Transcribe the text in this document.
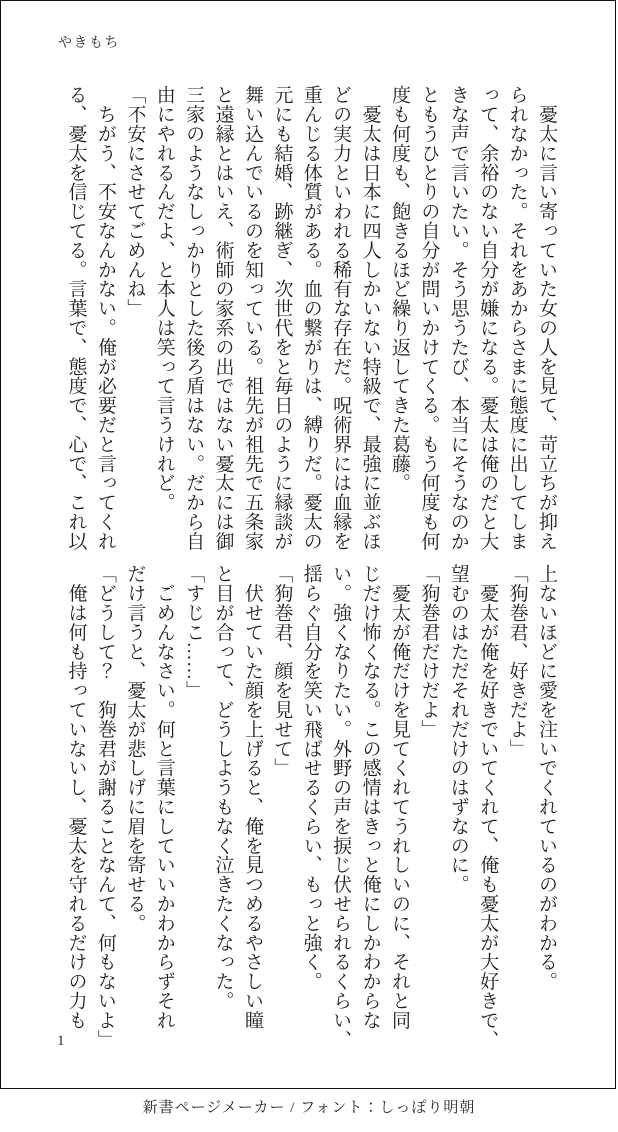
やきもち

　憂太に言い寄っていた女の人を見て、苛立ちが抑え

られなかった。それをあからさまに態度に出してしま

って、余裕のない自分が嫌になる。憂太は俺のだと大

きな声で言いたい。そう思うたび、本当にそうなのか

ともうひとりの自分が問いかけてくる。もう何度も何

度も何度も、飽きるほど繰り返してきた葛藤。

　憂太は日本に四人しかいない特級で、最強に並ぶほ

どの実力といわれる稀有な存在だ。呪術界には血縁を

重んじる体質がある。血の繋がりは、縛りだ。憂太の

元にも結婚、跡継ぎ、次世代をと毎日のように縁談が

舞い込んでいるのを知っている。祖先が祖先で五条家

と遠縁とはいえ、術師の家系の出ではない憂太には御

三家のようなしっかりとした後ろ盾はない。だから自

由にやれるんだよ、と本人は笑って言うけれど。

「不安にさせてごめんね」

　ちがう、不安なんかない。俺が必要だと言ってくれ

る、憂太を信じてる。言葉で、態度で、心で、これ以

上ないほどに愛を注いでくれているのがわかる。

「狗巻君、好きだよ」

　憂太が俺を好きでいてくれて、俺も憂太が大好きで、

望むのはただそれだけのはずなのに。

「狗巻君だけだよ」

　憂太が俺だけを見てくれてうれしいのに、それと同

じだけ怖くなる。この感情はきっと俺にしかわからな

い。強くなりたい。外野の声を捩じ伏せられるくらい、

揺らぐ自分を笑い飛ばせるくらい、もっと強く。

「狗巻君、顔を見せて」

　伏せていた顔を上げると、俺を見つめるやさしい瞳

と目が合って、どうしようもなく泣きたくなった。

「すじこ……」

　ごめんなさい。何と言葉にしていいかわからずそれ

だけ言うと、憂太が悲しげに眉を寄せる。

「どうして？　狗巻君が謝ることなんて、何もないよ」

　俺は何も持っていないし、憂太を守れるだけの力も

1
新書ページメーカー / フォント：しっぽり明朝
